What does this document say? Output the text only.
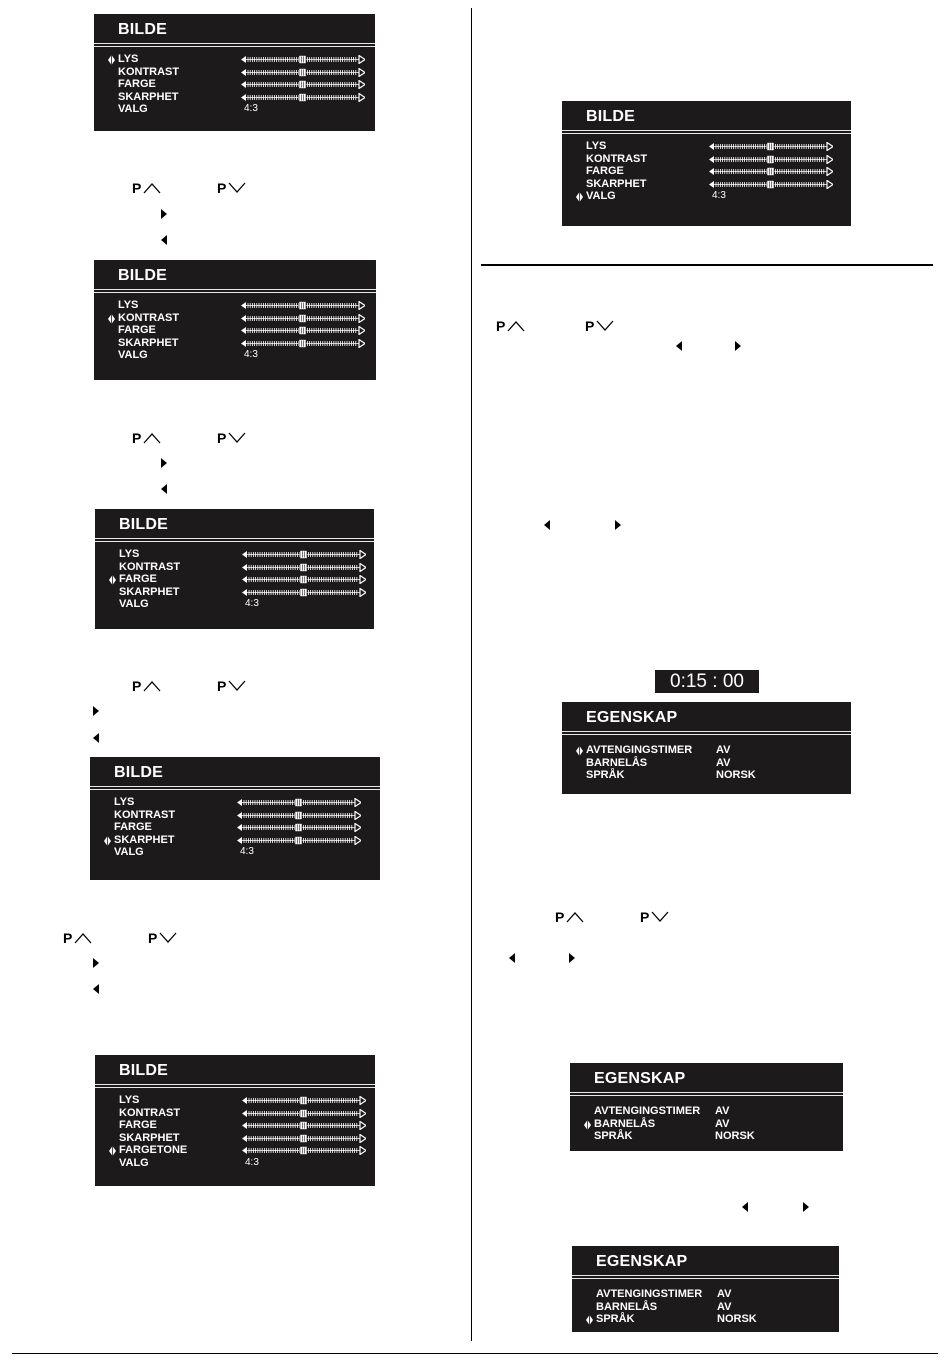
BILDE
LYS
KONTRAST
FARGE
SKARPHET
VALG	4:3
P	P
BILDE
LYS
KONTRAST
FARGE
SKARPHET
VALG	4:3
P	P
BILDE
LYS
KONTRAST
FARGE
SKARPHET
VALG	4:3
P	P
BILDE
LYS
KONTRAST
FARGE
SKARPHET
VALG	4:3
P	P
BILDE
LYS
KONTRAST
FARGE
SKARPHET
FARGETONE
VALG	4:3
BILDE
LYS
KONTRAST
FARGE
SKARPHET
VALG	4:3
P	P
0:15 : 00
EGENSKAP
AVTENGINGSTIMER AV
BARNELÅS	AV
SPRÅK	NORSK
P	P
EGENSKAP
AVTENGINGSTIMER AV
BARNELÅS	AV
SPRÅK	NORSK
EGENSKAP
AVTENGINGSTIMER AV
BARNELÅS	AV
SPRÅK	NORSK
